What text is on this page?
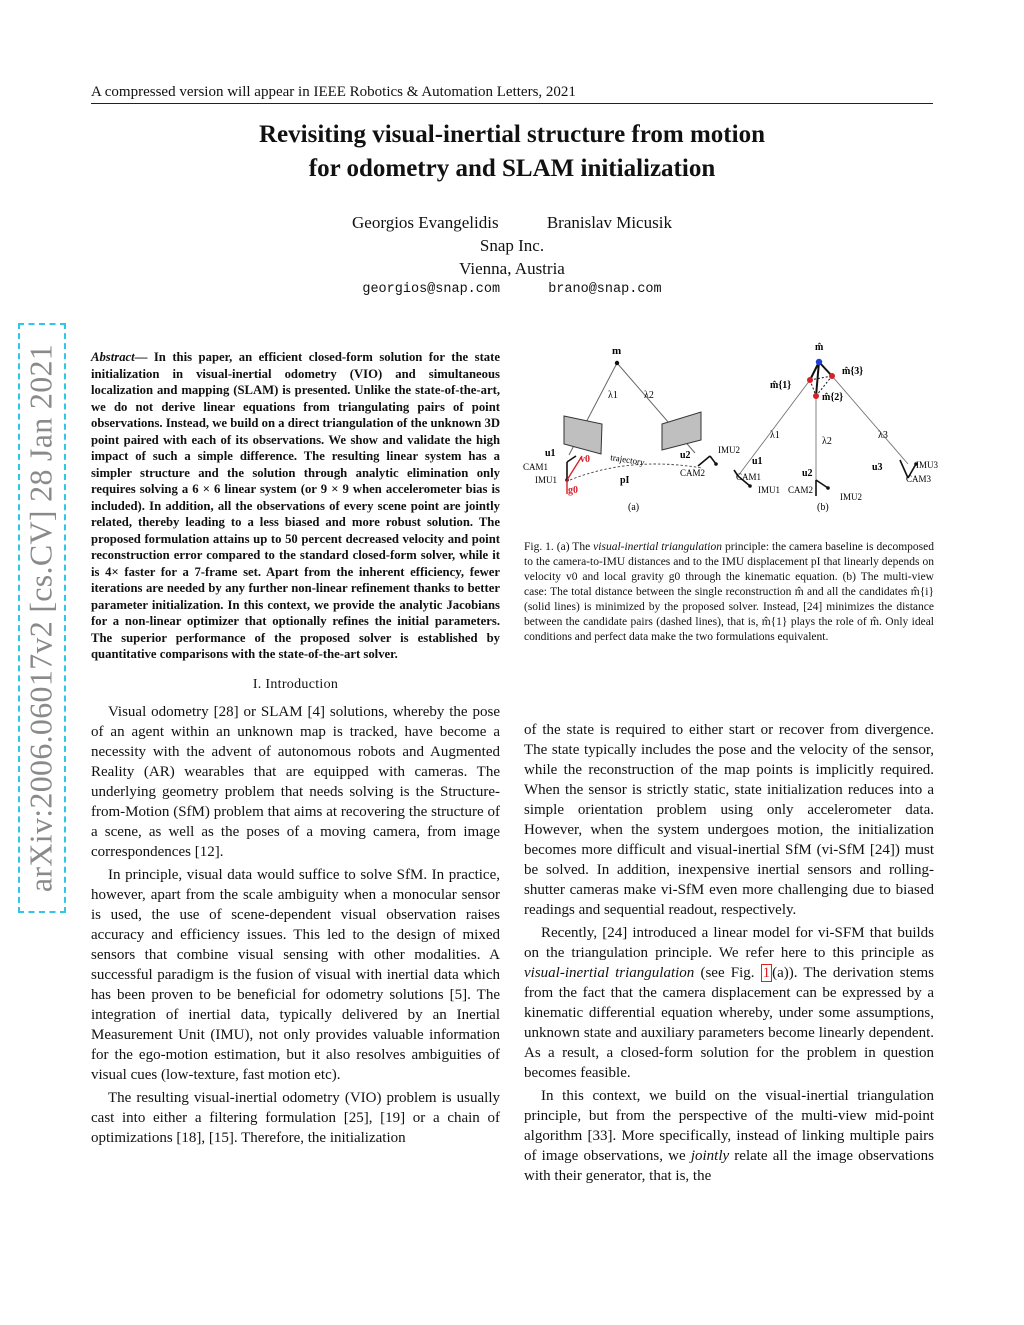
A compressed version will appear in IEEE Robotics & Automation Letters, 2021
Revisiting visual-inertial structure from motion
for odometry and SLAM initialization
Georgios Evangelidis	Branislav Micusik
Snap Inc.
Vienna, Austria
georgios@snap.com	brano@snap.com
arXiv:2006.06017v2 [cs.CV] 28 Jan 2021	Abstract— In this paper, an efficient closed-form solution for the state initialization in visual-inertial odometry (VIO) and simultaneous localization and mapping (SLAM) is presented. Unlike the state-of-the-art, we do not derive linear equations from triangulating pairs of point observations. Instead, we build on a direct triangulation of the unknown 3D point paired with each of its observations. We show and validate the high impact of such a simple difference. The resulting linear system has a simpler structure and the solution through analytic elimination only requires solving a 6 × 6 linear system (or 9 × 9 when accelerometer bias is included). In addition, all the observations of every scene point are jointly related, thereby leading to a less biased and more robust solution. The proposed formulation attains up to 50 percent decreased velocity and point reconstruction error compared to the standard closed-form solver, while it is 4× faster for a 7-frame set. Apart from the inherent efficiency, fewer iterations are needed by any further non-linear refinement thanks to better parameter initialization. In this context, we provide the analytic Jacobians for a non-linear optimizer that optionally refines the initial parameters. The superior performance of the proposed solver is established by quantitative comparisons with the state-of-the-art solver.

I. Introduction

Visual odometry [28] or SLAM [4] solutions, whereby the pose of an agent within an unknown map is tracked, have become a necessity with the advent of autonomous robots and Augmented Reality (AR) wearables that are equipped with cameras. The underlying geometry problem that needs solving is the Structure-from-Motion (SfM) problem that aims at recovering the structure of a scene, as well as the poses of a moving camera, from image correspondences [12].

In principle, visual data would suffice to solve SfM. In practice, however, apart from the scale ambiguity when a monocular sensor is used, the use of scene-dependent visual observation raises accuracy and efficiency issues. This led to the design of mixed sensors that combine visual sensing with other modalities. A successful paradigm is the fusion of visual with inertial data which has been proven to be beneficial for odometry solutions [5]. The integration of inertial data, typically delivered by an Inertial Measurement Unit (IMU), not only provides valuable information for the ego-motion estimation, but it also resolves ambiguities of visual cues (low-texture, fast motion etc).

The resulting visual-inertial odometry (VIO) problem is usually cast into either a filtering formulation [25], [19] or a chain of optimizations [18], [15]. Therefore, the initialization

m
λ1	λ2
trajectory
CAM1
IMU1
u1
v0
g0
pI
u2
CAM2
IMU2
(a)
m̂
m̂{1}
m̂{2}
m̂{3}
λ1
λ2
λ3
u1
CAM1
IMU1
u2
CAM2
IMU2
u3	IMU3
CAM3
(b)

Fig. 1. (a) The visual-inertial triangulation principle: the camera baseline is decomposed to the camera-to-IMU distances and to the IMU displacement pI that linearly depends on velocity v0 and local gravity g0 through the kinematic equation. (b) The multi-view case: The total distance between the single reconstruction m̂ and all the candidates m̂{i} (solid lines) is minimized by the proposed solver. Instead, [24] minimizes the distance between the candidate pairs (dashed lines), that is, m̂{1} plays the role of m̂. Only ideal conditions and perfect data make the two formulations equivalent.

of the state is required to either start or recover from divergence. The state typically includes the pose and the velocity of the sensor, while the reconstruction of the map points is implicitly required. When the sensor is strictly static, state initialization reduces into a simple orientation problem using only accelerometer data. However, when the system undergoes motion, the initialization becomes more difficult and visual-inertial SfM (vi-SfM [24]) must be solved. In addition, inexpensive inertial sensors and rolling-shutter cameras make vi-SfM even more challenging due to biased readings and sequential readout, respectively.

Recently, [24] introduced a linear model for vi-SFM that builds on the triangulation principle. We refer here to this principle as visual-inertial triangulation (see Fig. 1 (a)). The derivation stems from the fact that the camera displacement can be expressed by a kinematic differential equation whereby, under some assumptions, unknown state and auxiliary parameters become linearly dependent. As a result, a closed-form solution for the problem in question becomes feasible.

In this context, we build on the visual-inertial triangulation principle, but from the perspective of the multi-view mid-point algorithm [33]. More specifically, instead of linking multiple pairs of image observations, we jointly relate all the image observations with their generator, that is, the
